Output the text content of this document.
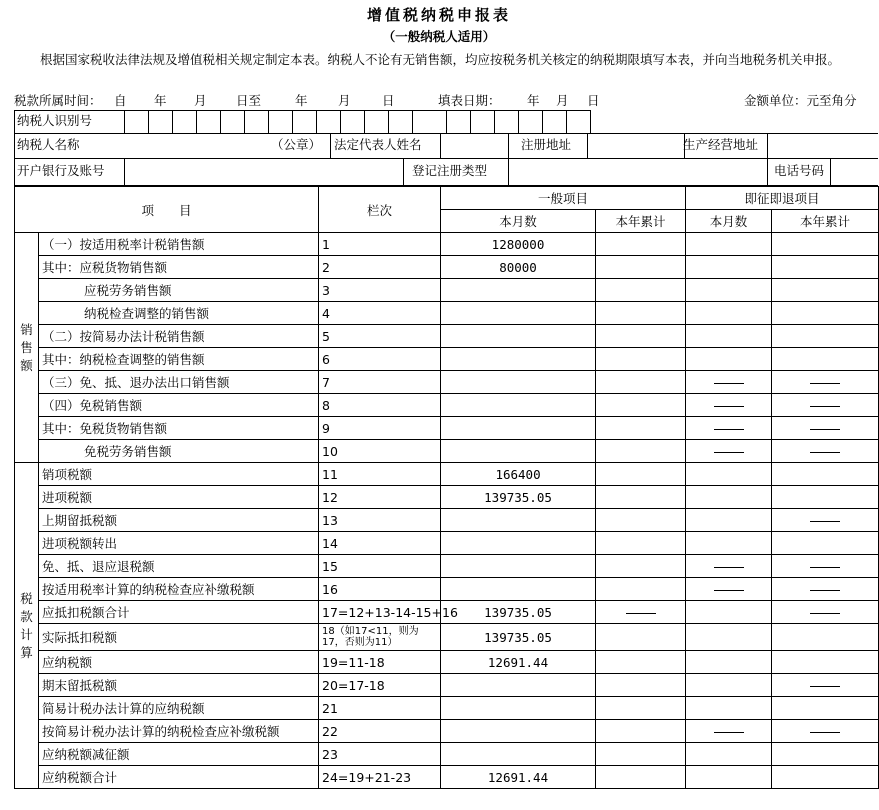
增值税纳税申报表
（一般纳税人适用）
根据国家税收法律法规及增值税相关规定制定本表。纳税人不论有无销售额，均应按税务机关核定的纳税期限填写本表，并向当地税务机关申报。
税款所属时间： 自 年 月 日至	年 月	日	填表日期： 年 月 日	金额单位：元至角分
纳税人识别号
纳税人名称	（公章） 法定代表人姓名	注册地址	生产经营地址
开户银行及账号	登记注册类型	电话号码
项　　目		栏次	一般项目		即征即退项目	
			本月数	本年累计	本月数	本年累计
销售额	（一）按适用税率计税销售额	1	1280000			
	其中：应税货物销售额	2	80000			
	应税劳务销售额	3				
	纳税检查调整的销售额	4				
	（二）按简易办法计税销售额	5				
	其中：纳税检查调整的销售额	6				
	（三）免、抵、退办法出口销售额	7				
	（四）免税销售额	8				
	其中：免税货物销售额	9				
	免税劳务销售额	10				
税款计算	销项税额	11	166400			
	进项税额	12	139735.05			
	上期留抵税额	13				
	进项税额转出	14				
	免、抵、退应退税额	15				
	按适用税率计算的纳税检查应补缴税额	16				
	应抵扣税额合计	17=12+13-14-15+16	139735.05			
	实际抵扣税额	18（如17<11，则为17，否则为11）	139735.05			
	应纳税额	19=11-18	12691.44			
	期末留抵税额	20=17-18				
	简易计税办法计算的应纳税额	21				
	按简易计税办法计算的纳税检查应补缴税额	22				
	应纳税额减征额	23				
	应纳税额合计	24=19+21-23	12691.44			
